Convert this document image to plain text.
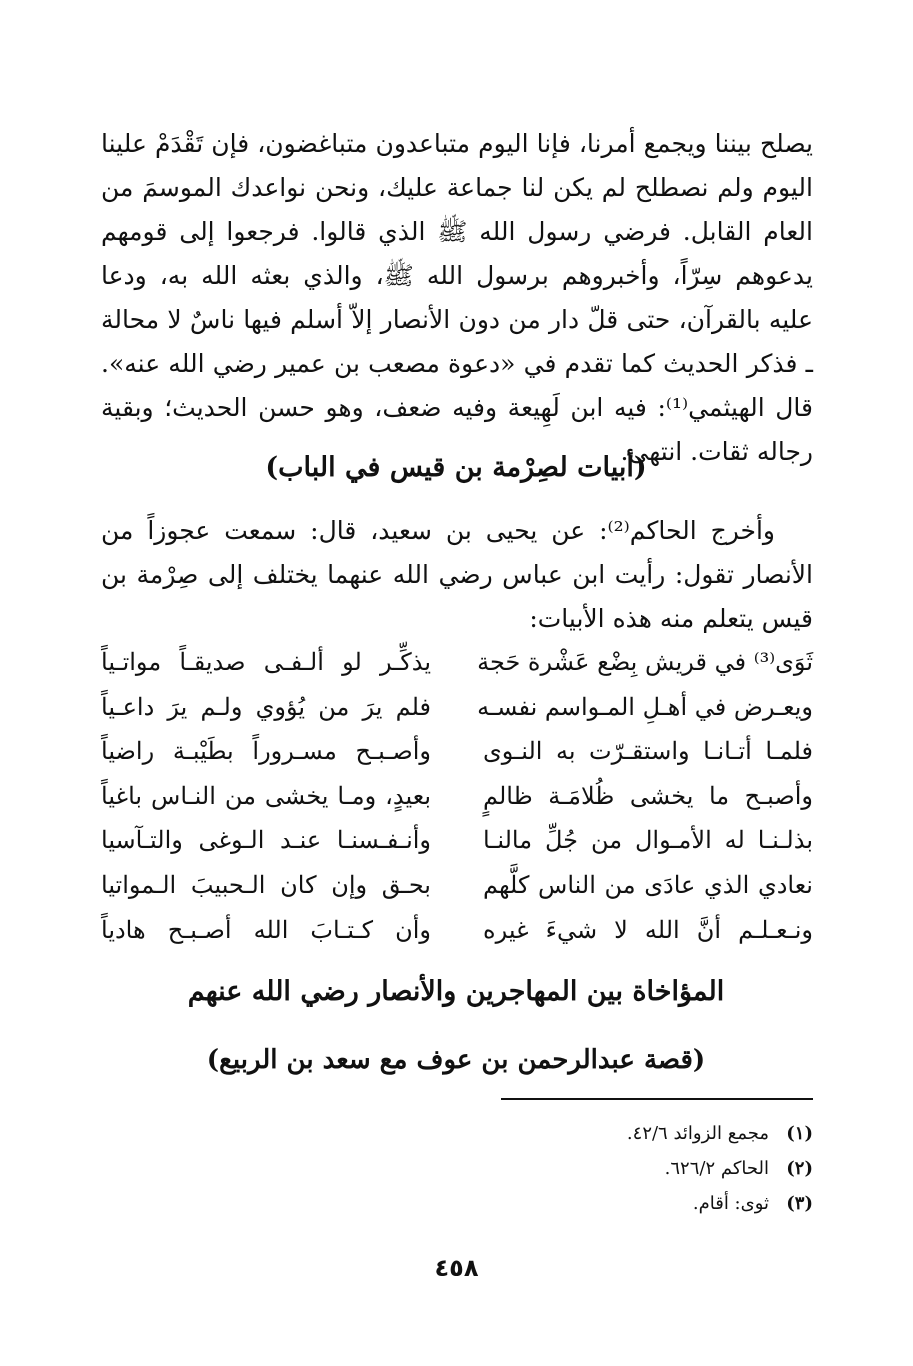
يصلح بيننا ويجمع أمرنا، فإنا اليوم متباعدون متباغضون، فإن تَقْدَمْ علينا اليوم ولم نصطلح لم يكن لنا جماعة عليك، ونحن نواعدك الموسمَ من العام القابل. فرضي رسول الله ﷺ الذي قالوا. فرجعوا إلى قومهم يدعوهم سِرّاً، وأخبروهم برسول الله ﷺ، والذي بعثه الله به، ودعا عليه بالقرآن، حتى قلّ دار من دون الأنصار إلاّ أسلم فيها ناسٌ لا محالة ـ فذكر الحديث كما تقدم في «دعوة مصعب بن عمير رضي الله عنه». قال الهيثمي⁽¹⁾: فيه ابن لَهِيعة وفيه ضعف، وهو حسن الحديث؛ وبقية رجاله ثقات. انتهى.

(أبيات لصِرْمة بن قيس في الباب)

وأخرج الحاكم⁽²⁾: عن يحيى بن سعيد، قال: سمعت عجوزاً من الأنصار تقول: رأيت ابن عباس رضي الله عنهما يختلف إلى صِرْمة بن قيس يتعلم منه هذه الأبيات:

ثَوَى⁽³⁾ في قريش بِضْع عَشْرة حَجة
يذكِّـر لو ألـفـى صديقـاً مواتـياً
ويعـرض في أهـلِ المـواسم نفسـه
فلم يرَ من يُؤوي ولـم يرَ داعـياً
فلمـا أتـانـا واستقـرّت به النـوى
وأصـبـح مسـروراً بطَيْبـة راضياً
وأصبـح ما يخشى ظُلامَـة ظالمٍ
بعيدٍ، ومـا يخشى من النـاس باغياً
بذلـنـا له الأمـوال من جُلِّ مالنـا
وأنـفـسنـا عنـد الـوغى والتـآسيا
نعادي الذي عادَى من الناس كلَّهم
بحـق وإن كان الـحبيبَ الـمواتيا
ونـعـلـم أنَّ الله لا شيءَ غيره
وأن كـتـابَ الله أصـبـح هادياً
المؤاخاة بين المهاجرين والأنصار رضي الله عنهم
(قصة عبدالرحمن بن عوف مع سعد بن الربيع)
(١)
مجمع الزوائد ٤٢/٦.
(٢)
الحاكم ٦٢٦/٢.
(٣)
ثوى: أقام.
٤٥٨
